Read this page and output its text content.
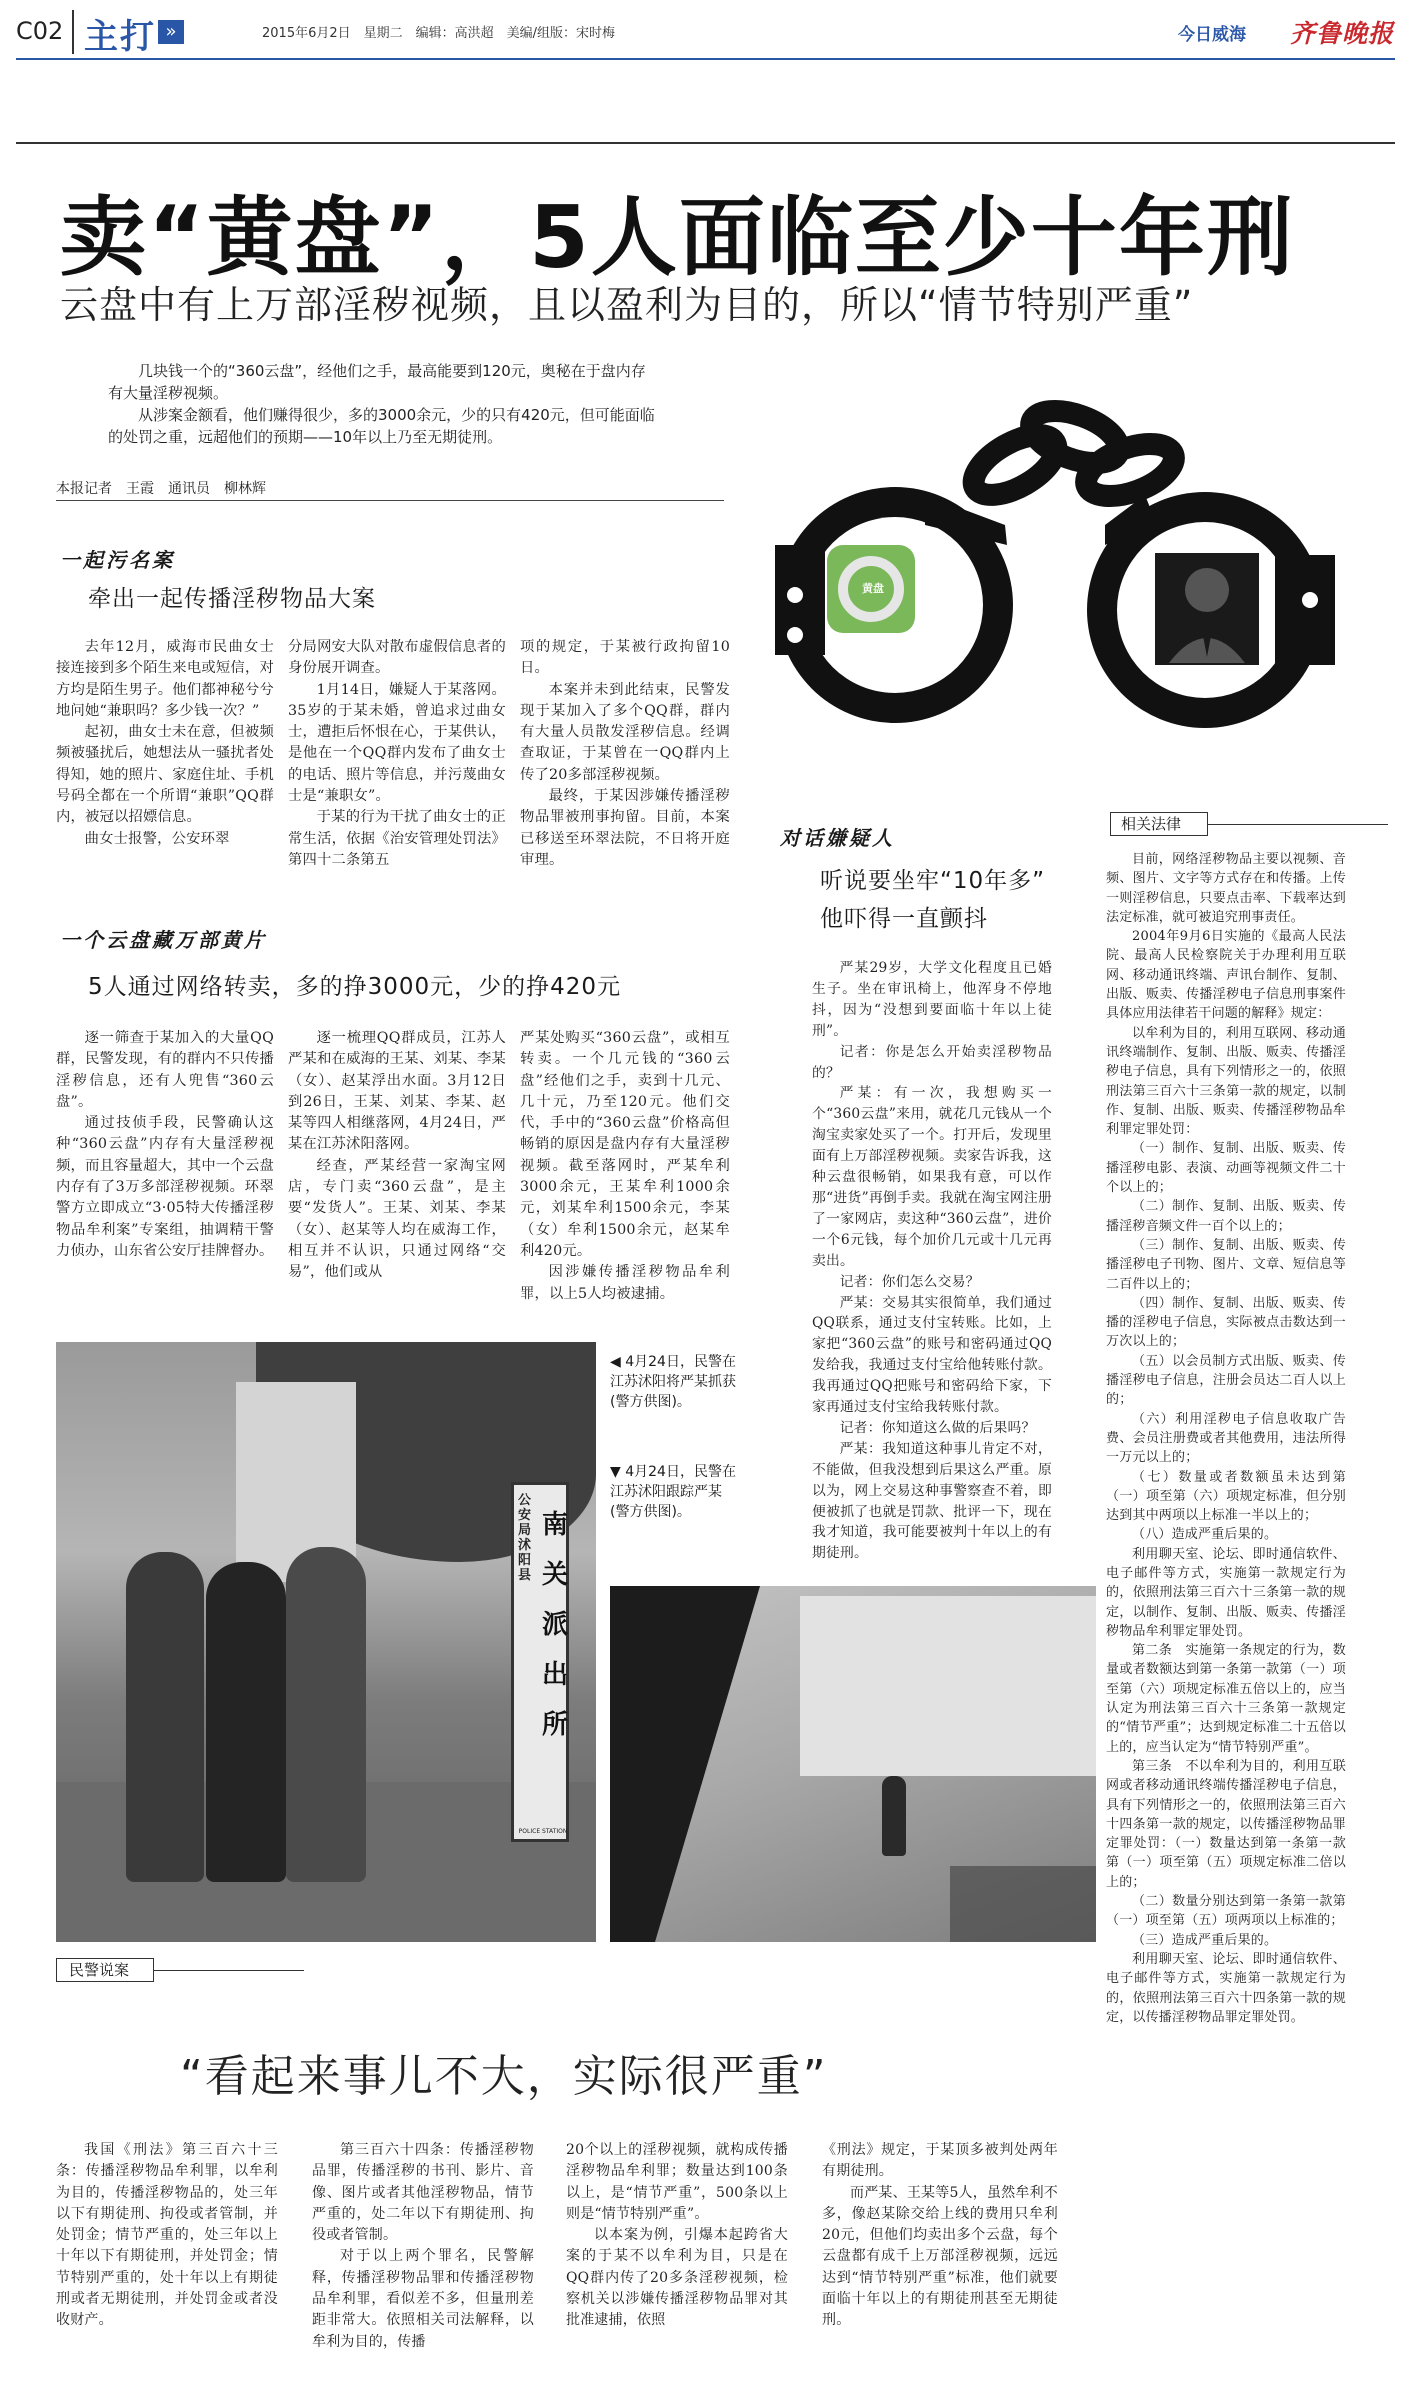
C02 主打 »	2015年6月2日　星期二　编辑：高洪超　美编/组版：宋时梅	今日威海 齐鲁晚报
卖“黄盘”，5人面临至少十年刑
云盘中有上万部淫秽视频，且以盈利为目的，所以“情节特别严重”

几块钱一个的“360云盘”，经他们之手，最高能要到120元，奥秘在于盘内存有大量淫秽视频。

从涉案金额看，他们赚得很少，多的3000余元，少的只有420元，但可能面临的处罚之重，远超他们的预期——10年以上乃至无期徒刑。

本报记者　王霞　通讯员　柳林辉
黄盘
一起污名案
牵出一起传播淫秽物品大案

去年12月，威海市民曲女士接连接到多个陌生来电或短信，对方均是陌生男子。他们都神秘兮兮地问她“兼职吗？多少钱一次？”

起初，曲女士未在意，但被频频被骚扰后，她想法从一骚扰者处得知，她的照片、家庭住址、手机号码全都在一个所谓“兼职”QQ群内，被冠以招嫖信息。

曲女士报警，公安环翠

分局网安大队对散布虚假信息者的身份展开调查。

1月14日，嫌疑人于某落网。35岁的于某未婚，曾追求过曲女士，遭拒后怀恨在心，于某供认，是他在一个QQ群内发布了曲女士的电话、照片等信息，并污蔑曲女士是“兼职女”。

于某的行为干扰了曲女士的正常生活，依据《治安管理处罚法》第四十二条第五

项的规定，于某被行政拘留10日。

本案并未到此结束，民警发现于某加入了多个QQ群，群内有大量人员散发淫秽信息。经调查取证，于某曾在一QQ群内上传了20多部淫秽视频。

最终，于某因涉嫌传播淫秽物品罪被刑事拘留。目前，本案已移送至环翠法院，不日将开庭审理。

一个云盘藏万部黄片
5人通过网络转卖，多的挣3000元，少的挣420元

逐一筛查于某加入的大量QQ群，民警发现，有的群内不只传播淫秽信息，还有人兜售“360云盘”。

通过技侦手段，民警确认这种“360云盘”内存有大量淫秽视频，而且容量超大，其中一个云盘内存有了3万多部淫秽视频。环翠警方立即成立“3·05特大传播淫秽物品牟利案”专案组，抽调精干警力侦办，山东省公安厅挂牌督办。

逐一梳理QQ群成员，江苏人严某和在威海的王某、刘某、李某（女）、赵某浮出水面。3月12日到26日，王某、刘某、李某、赵某等四人相继落网，4月24日，严某在江苏沭阳落网。

经查，严某经营一家淘宝网店，专门卖“360云盘”，是主要“发货人”。王某、刘某、李某（女）、赵某等人均在威海工作，相互并不认识，只通过网络“交易”，他们或从

严某处购买“360云盘”，或相互转卖。一个几元钱的“360云盘”经他们之手，卖到十几元、几十元，乃至120元。他们交代，手中的“360云盘”价格高但畅销的原因是盘内存有大量淫秽视频。截至落网时，严某牟利3000余元，王某牟利1000余元，刘某牟利1500余元，李某（女）牟利1500余元，赵某牟利420元。

因涉嫌传播淫秽物品牟利罪，以上5人均被逮捕。

对话嫌疑人
听说要坐牢“10年多”
他吓得一直颤抖

严某29岁，大学文化程度且已婚生子。坐在审讯椅上，他浑身不停地抖，因为“没想到要面临十年以上徒刑”。

记者：你是怎么开始卖淫秽物品的？

严某：有一次，我想购买一个“360云盘”来用，就花几元钱从一个淘宝卖家处买了一个。打开后，发现里面有上万部淫秽视频。卖家告诉我，这种云盘很畅销，如果我有意，可以作那“进货”再倒手卖。我就在淘宝网注册了一家网店，卖这种“360云盘”，进价一个6元钱，每个加价几元或十几元再卖出。

记者：你们怎么交易？

严某：交易其实很简单，我们通过QQ联系，通过支付宝转账。比如，上家把“360云盘”的账号和密码通过QQ发给我，我通过支付宝给他转账付款。我再通过QQ把账号和密码给下家，下家再通过支付宝给我转账付款。

记者：你知道这么做的后果吗？

严某：我知道这种事儿肯定不对，不能做，但我没想到后果这么严重。原以为，网上交易这种事警察查不着，即便被抓了也就是罚款、批评一下，现在我才知道，我可能要被判十年以上的有期徒刑。

相关法律

目前，网络淫秽物品主要以视频、音频、图片、文字等方式存在和传播。上传一则淫秽信息，只要点击率、下载率达到法定标准，就可被追究刑事责任。

2004年9月6日实施的《最高人民法院、最高人民检察院关于办理利用互联网、移动通讯终端、声讯台制作、复制、出版、贩卖、传播淫秽电子信息刑事案件具体应用法律若干问题的解释》规定：

以牟利为目的，利用互联网、移动通讯终端制作、复制、出版、贩卖、传播淫秽电子信息，具有下列情形之一的，依照刑法第三百六十三条第一款的规定，以制作、复制、出版、贩卖、传播淫秽物品牟利罪定罪处罚：

（一）制作、复制、出版、贩卖、传播淫秽电影、表演、动画等视频文件二十个以上的；

（二）制作、复制、出版、贩卖、传播淫秽音频文件一百个以上的；

（三）制作、复制、出版、贩卖、传播淫秽电子刊物、图片、文章、短信息等二百件以上的；

（四）制作、复制、出版、贩卖、传播的淫秽电子信息，实际被点击数达到一万次以上的；

（五）以会员制方式出版、贩卖、传播淫秽电子信息，注册会员达二百人以上的；

（六）利用淫秽电子信息收取广告费、会员注册费或者其他费用，违法所得一万元以上的；

（七）数量或者数额虽未达到第（一）项至第（六）项规定标准，但分别达到其中两项以上标准一半以上的；

（八）造成严重后果的。

利用聊天室、论坛、即时通信软件、电子邮件等方式，实施第一款规定行为的，依照刑法第三百六十三条第一款的规定，以制作、复制、出版、贩卖、传播淫秽物品牟利罪定罪处罚。

第二条　实施第一条规定的行为，数量或者数额达到第一条第一款第（一）项至第（六）项规定标准五倍以上的，应当认定为刑法第三百六十三条第一款规定的“情节严重”；达到规定标准二十五倍以上的，应当认定为“情节特别严重”。

第三条　不以牟利为目的，利用互联网或者移动通讯终端传播淫秽电子信息，具有下列情形之一的，依照刑法第三百六十四条第一款的规定，以传播淫秽物品罪定罪处罚：（一）数量达到第一条第一款第（一）项至第（五）项规定标准二倍以上的；

（二）数量分别达到第一条第一款第（一）项至第（五）项两项以上标准的；

（三）造成严重后果的。

利用聊天室、论坛、即时通信软件、电子邮件等方式，实施第一款规定行为的，依照刑法第三百六十四条第一款的规定，以传播淫秽物品罪定罪处罚。

公安局沭阳县
南关派出所
POLICE STATION
◀ 4月24日，民警在江苏沭阳将严某抓获(警方供图)。
▼ 4月24日，民警在江苏沭阳跟踪严某(警方供图)。
民警说案
“看起来事儿不大，实际很严重”

我国《刑法》第三百六十三条：传播淫秽物品牟利罪，以牟利为目的，传播淫秽物品的，处三年以下有期徒刑、拘役或者管制，并处罚金；情节严重的，处三年以上十年以下有期徒刑，并处罚金；情节特别严重的，处十年以上有期徒刑或者无期徒刑，并处罚金或者没收财产。

第三百六十四条：传播淫秽物品罪，传播淫秽的书刊、影片、音像、图片或者其他淫秽物品，情节严重的，处二年以下有期徒刑、拘役或者管制。

对于以上两个罪名，民警解释，传播淫秽物品罪和传播淫秽物品牟利罪，看似差不多，但量刑差距非常大。依照相关司法解释，以牟利为目的，传播

20个以上的淫秽视频，就构成传播淫秽物品牟利罪；数量达到100条以上，是“情节严重”，500条以上则是“情节特别严重”。

以本案为例，引爆本起跨省大案的于某不以牟利为目，只是在QQ群内传了20多条淫秽视频，检察机关以涉嫌传播淫秽物品罪对其批准逮捕，依照

《刑法》规定，于某顶多被判处两年有期徒刑。

而严某、王某等5人，虽然牟利不多，像赵某除交给上线的费用只牟利20元，但他们均卖出多个云盘，每个云盘都有成千上万部淫秽视频，远远达到“情节特别严重”标准，他们就要面临十年以上的有期徒刑甚至无期徒刑。
